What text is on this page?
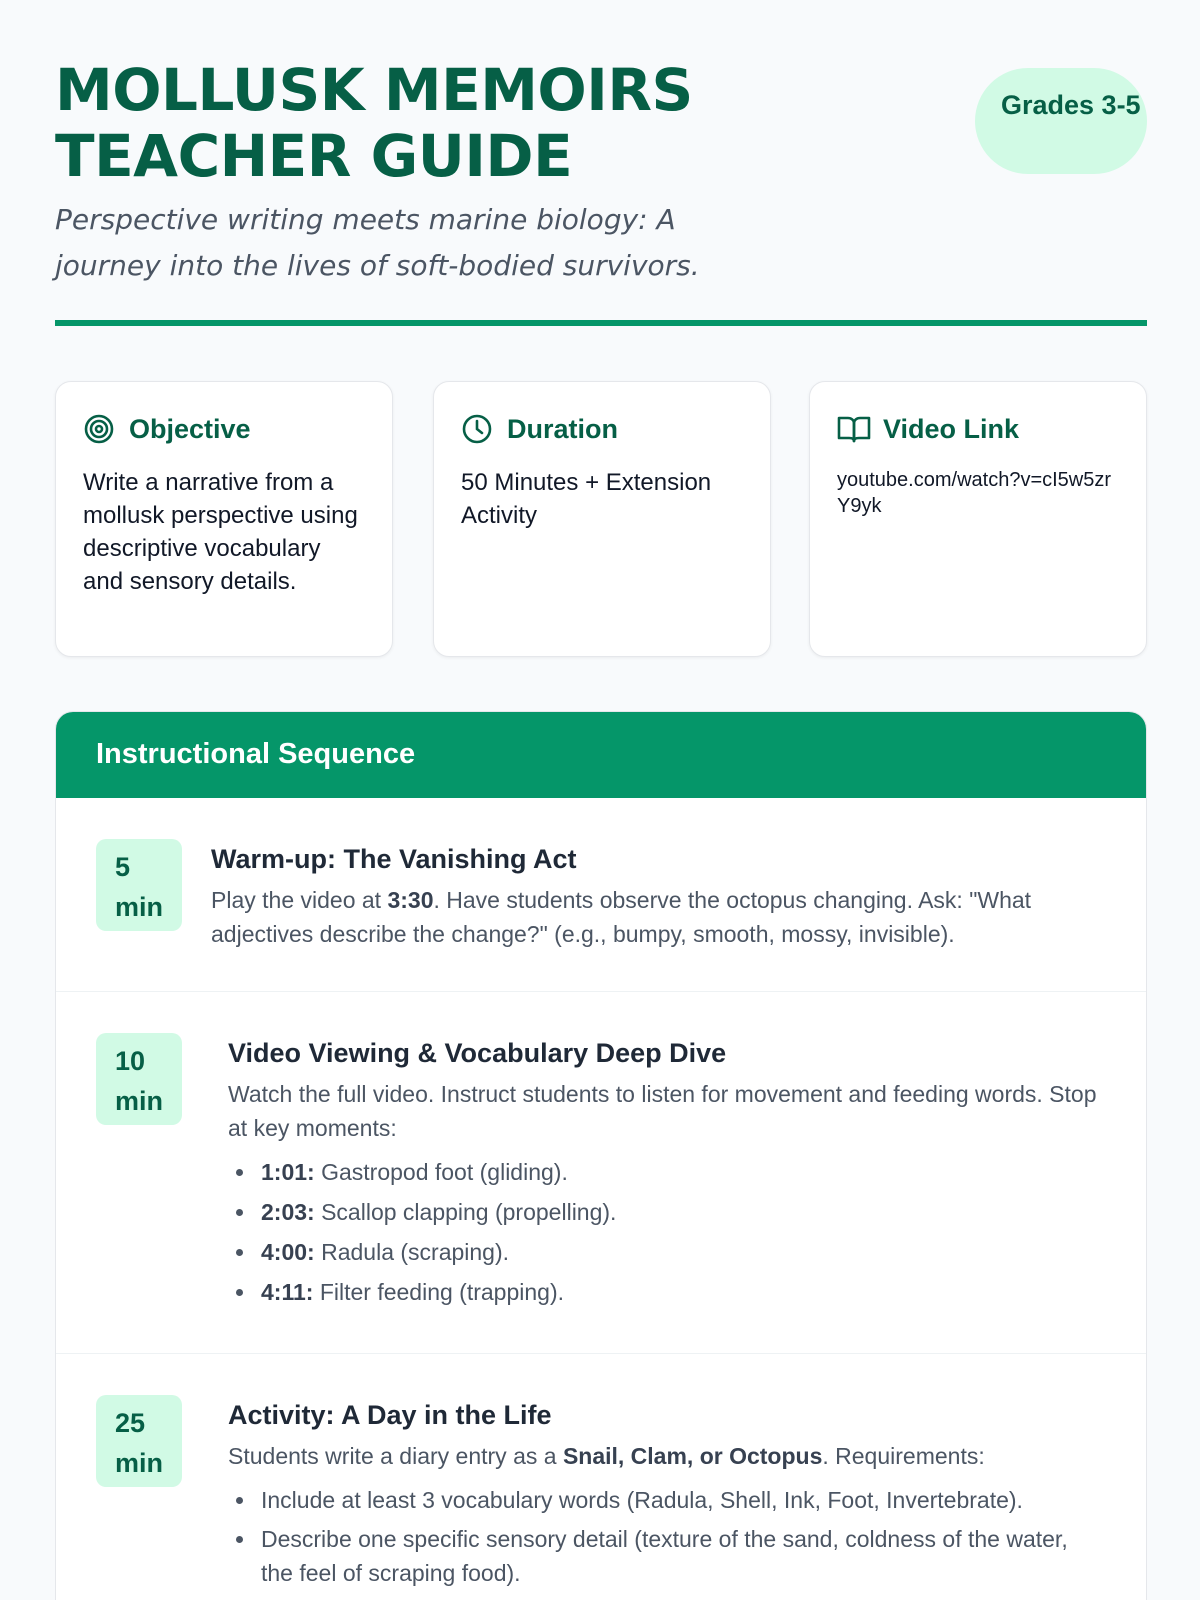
MOLLUSK MEMOIRS TEACHER GUIDE
Grades 3-5

Perspective writing meets marine biology: A journey into the lives of soft-bodied survivors.

Objective

Write a narrative from a mollusk perspective using descriptive vocabulary and sensory details.

Duration

50 Minutes + Extension Activity

Video Link

youtube.com/watch?v=cI5w5zrY9yk

Instructional Sequence
5
min
Warm-up: The Vanishing Act

Play the video at 3:30. Have students observe the octopus changing. Ask: "What adjectives describe the change?" (e.g., bumpy, smooth, mossy, invisible).

10
min
Video Viewing & Vocabulary Deep Dive

Watch the full video. Instruct students to listen for movement and feeding words. Stop at key moments:

1:01: Gastropod foot (gliding).
2:03: Scallop clapping (propelling).
4:00: Radula (scraping).
4:11: Filter feeding (trapping).
25
min
Activity: A Day in the Life

Students write a diary entry as a Snail, Clam, or Octopus. Requirements:

Include at least 3 vocabulary words (Radula, Shell, Ink, Foot, Invertebrate).
Describe one specific sensory detail (texture of the sand, coldness of the water, the feel of scraping food).
